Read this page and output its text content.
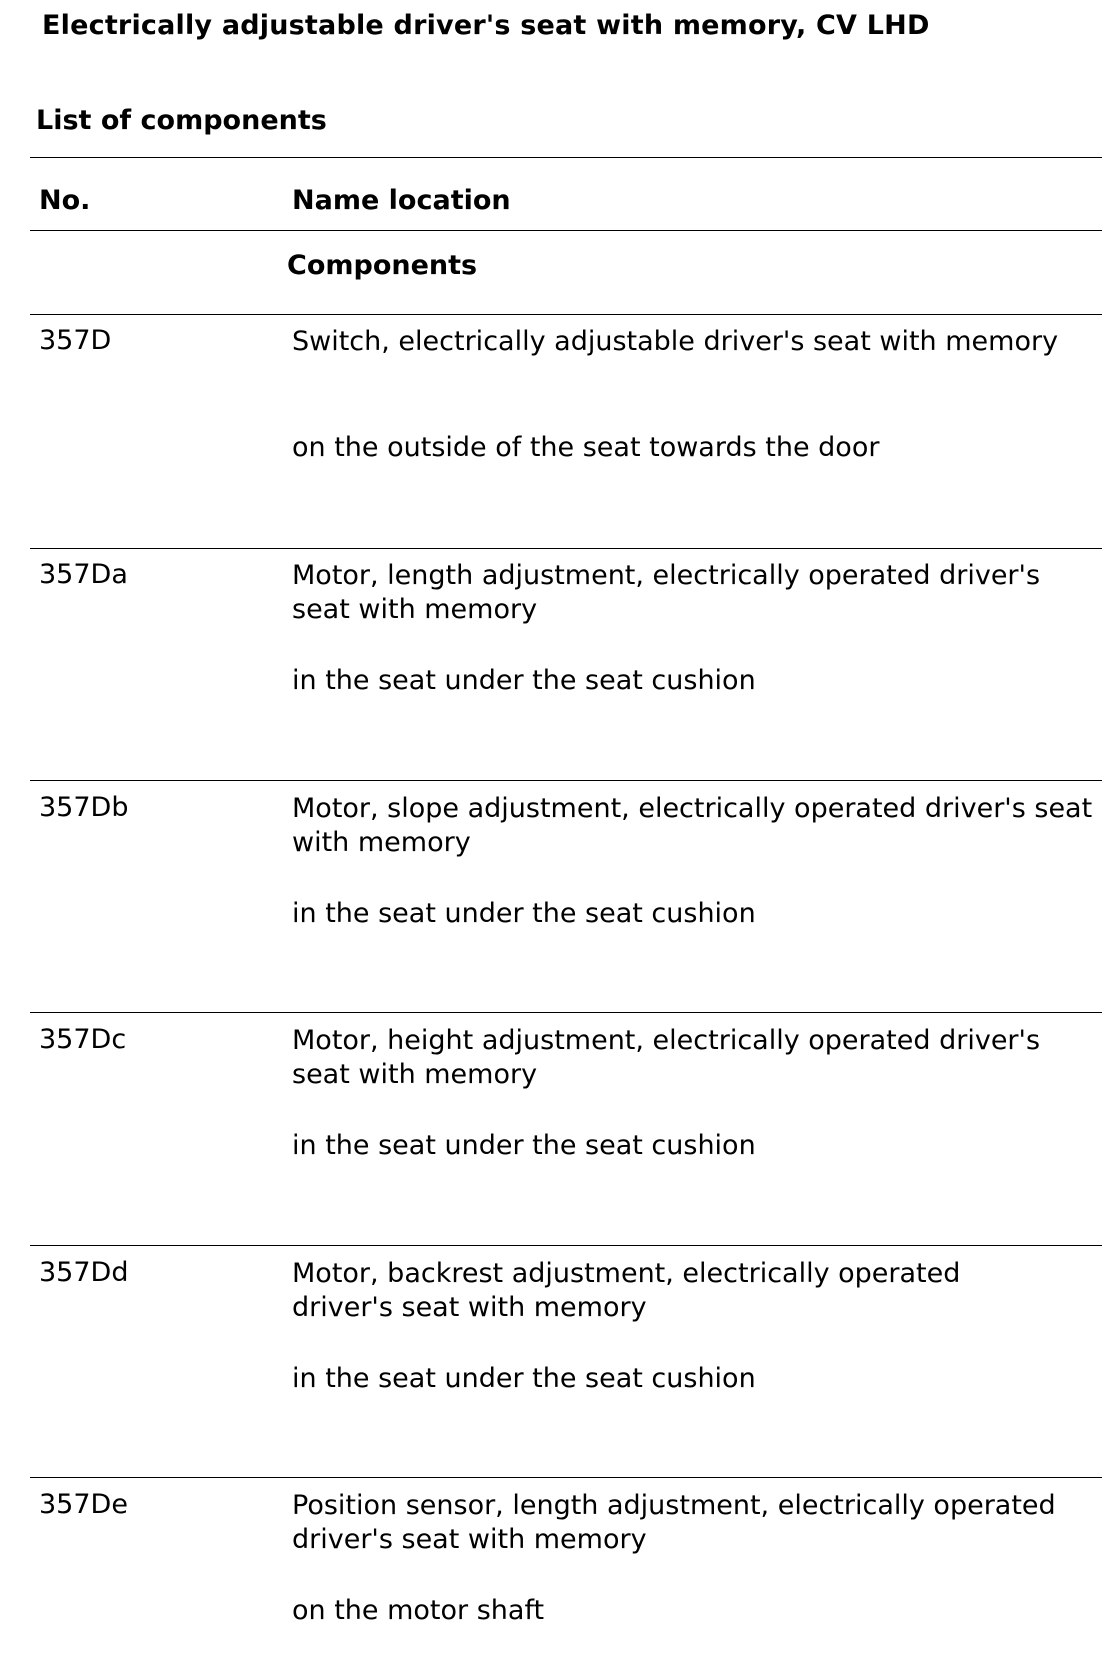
Electrically adjustable driver's seat with memory, CV LHD
List of components
No.	Name location
Components
357D	Switch, electrically adjustable driver's seat with memory
on the outside of the seat towards the door
357Da	Motor, length adjustment, electrically operated driver's seat with memory
in the seat under the seat cushion
357Db	Motor, slope adjustment, electrically operated driver's seat with memory
in the seat under the seat cushion
357Dc	Motor, height adjustment, electrically operated driver's seat with memory
in the seat under the seat cushion
357Dd	Motor, backrest adjustment, electrically operated driver's seat with memory
in the seat under the seat cushion
357De	Position sensor, length adjustment, electrically operated driver's seat with memory
on the motor shaft
